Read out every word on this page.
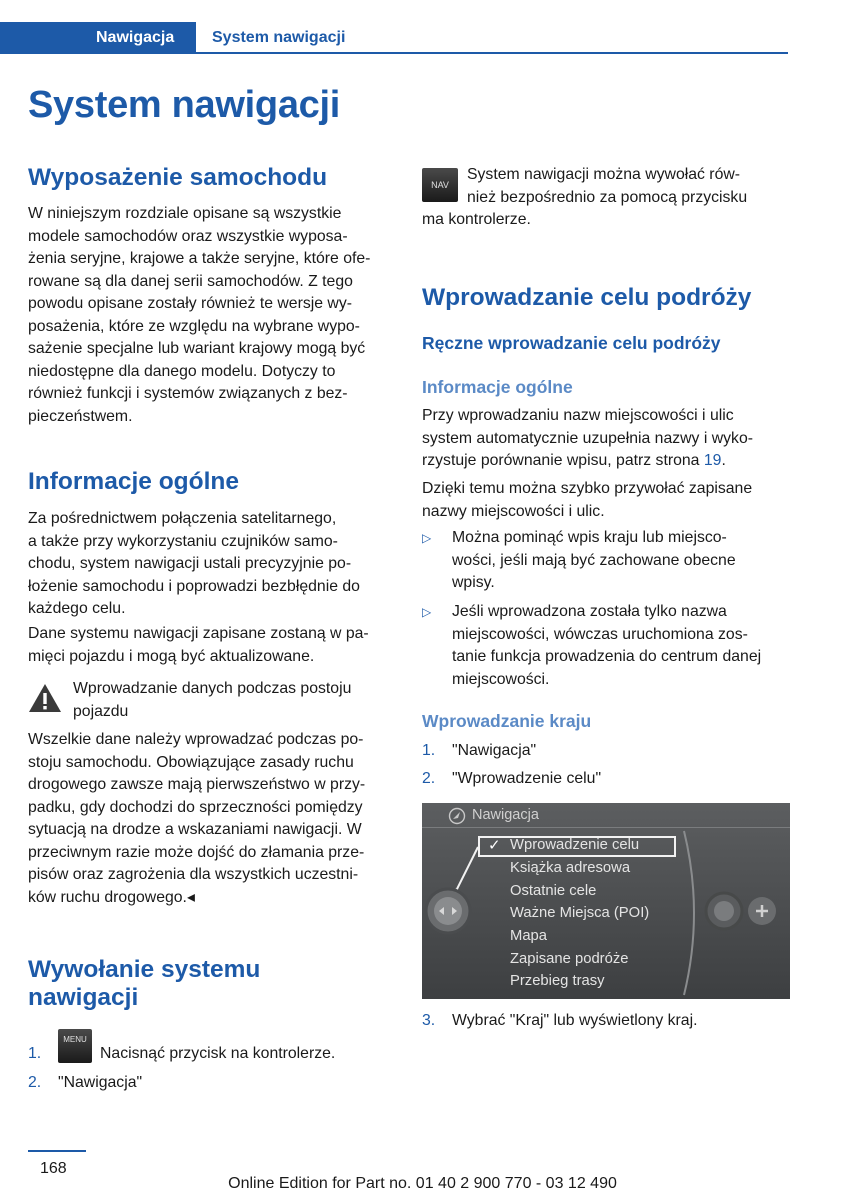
Nawigacja System nawigacji
System nawigacji
Wyposażenie samochodu

W niniejszym rozdziale opisane są wszystkie

modele samochodów oraz wszystkie wyposa‐

żenia seryjne, krajowe a także seryjne, które ofe‐

rowane są dla danej serii samochodów. Z tego

powodu opisane zostały również te wersje wy‐

posażenia, które ze względu na wybrane wypo‐

sażenie specjalne lub wariant krajowy mogą być

niedostępne dla danego modelu. Dotyczy to

również funkcji i systemów związanych z bez‐

pieczeństwem.

Informacje ogólne

Za pośrednictwem połączenia satelitarnego,

a także przy wykorzystaniu czujników samo‐

chodu, system nawigacji ustali precyzyjnie po‐

łożenie samochodu i poprowadzi bezbłędnie do

każdego celu.

Dane systemu nawigacji zapisane zostaną w pa‐

mięci pojazdu i mogą być aktualizowane.

Wprowadzanie danych podczas postoju

pojazdu

Wszelkie dane należy wprowadzać podczas po‐

stoju samochodu. Obowiązujące zasady ruchu

drogowego zawsze mają pierwszeństwo w przy‐

padku, gdy dochodzi do sprzeczności pomiędzy

sytuacją na drodze a wskazaniami nawigacji. W

przeciwnym razie może dojść do złamania prze‐

pisów oraz zagrożenia dla wszystkich uczestni‐

ków ruchu drogowego.◂

Wywołanie systemu
nawigacji
1.
MENU
Nacisnąć przycisk na kontrolerze.
2. "Nawigacja"
NAV

System nawigacji można wywołać rów‐

nież bezpośrednio za pomocą przycisku

ma kontrolerze.

Wprowadzanie celu podróży
Ręczne wprowadzanie celu podróży
Informacje ogólne

Przy wprowadzaniu nazw miejscowości i ulic

system automatycznie uzupełnia nazwy i wyko‐

rzystuje porównanie wpisu, patrz strona 19.

Dzięki temu można szybko przywołać zapisane

nazwy miejscowości i ulic.

▷ Można pominąć wpis kraju lub miejsco‐

wości, jeśli mają być zachowane obecne

wpisy.

▷ Jeśli wprowadzona została tylko nazwa

miejscowości, wówczas uruchomiona zos‐

tanie funkcja prowadzenia do centrum danej

miejscowości.

Wprowadzanie kraju
1. "Nawigacja"
2. "Wprowadzenie celu"
Nawigacja
✓ Wprowadzenie celu
Książka adresowa
Ostatnie cele
Ważne Miejsca (POI)
Mapa
Zapisane podróże
Przebieg trasy
3. Wybrać "Kraj" lub wyświetlony kraj.
168
Online Edition for Part no. 01 40 2 900 770 - 03 12 490
